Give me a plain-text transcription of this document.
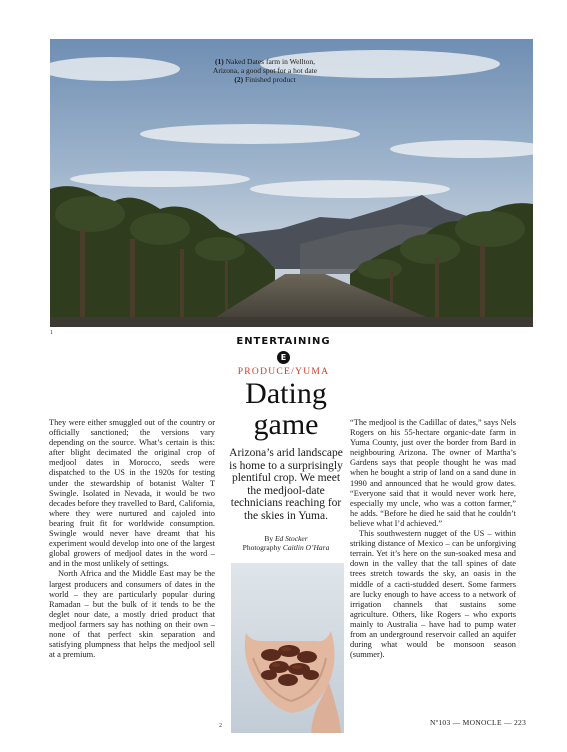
(1) Naked Dates farm in Wellton,
Arizona, a good spot for a hot date
(2) Finished product
1
ENTERTAINING
E
PRODUCE/YUMA
Dating
game
Arizona’s arid landscape is home to a surprisingly plentiful crop. We meet the medjool-date technicians reaching for the skies in Yuma.
By Ed Stocker
Photography Caitlin O’Hara
2

They were either smuggled out of the country or officially sanctioned; the versions vary depending on the source. What’s certain is this: after blight decimated the original crop of medjool dates in Morocco, seeds were dispatched to the US in the 1920s for testing under the stewardship of botanist Walter T Swingle. Isolated in Nevada, it would be two decades before they travelled to Bard, California, where they were nurtured and cajoled into bearing fruit fit for worldwide consumption. Swingle would never have dreamt that his experiment would develop into one of the largest global growers of medjool dates in the word – and in the most unlikely of settings.

North Africa and the Middle East may be the largest producers and consumers of dates in the world – they are particularly popular during Ramadan – but the bulk of it tends to be the deglet nour date, a mostly dried product that medjool farmers say has nothing on their own – none of that perfect skin separation and satisfying plumpness that helps the medjool sell at a premium.

“The medjool is the Cadillac of dates,” says Nels Rogers on his 55-hectare organic-date farm in Yuma County, just over the border from Bard in neighbouring Arizona. The owner of Martha’s Gardens says that people thought he was mad when he bought a strip of land on a sand dune in 1990 and announced that he would grow dates. “Everyone said that it would never work here, especially my uncle, who was a cotton farmer,” he adds. “Before he died he said that he couldn’t believe what I’d achieved.”

This southwestern nugget of the US – within striking distance of Mexico – can be unforgiving terrain. Yet it’s here on the sun-soaked mesa and down in the valley that the tall spines of date trees stretch towards the sky, an oasis in the middle of a cacti-studded desert. Some farmers are lucky enough to have access to a network of irrigation channels that sustains some agriculture. Others, like Rogers – who exports mainly to Australia – have had to pump water from an underground reservoir called an aquifer during what would be monsoon season (summer).

Nº103 — MONOCLE — 223
